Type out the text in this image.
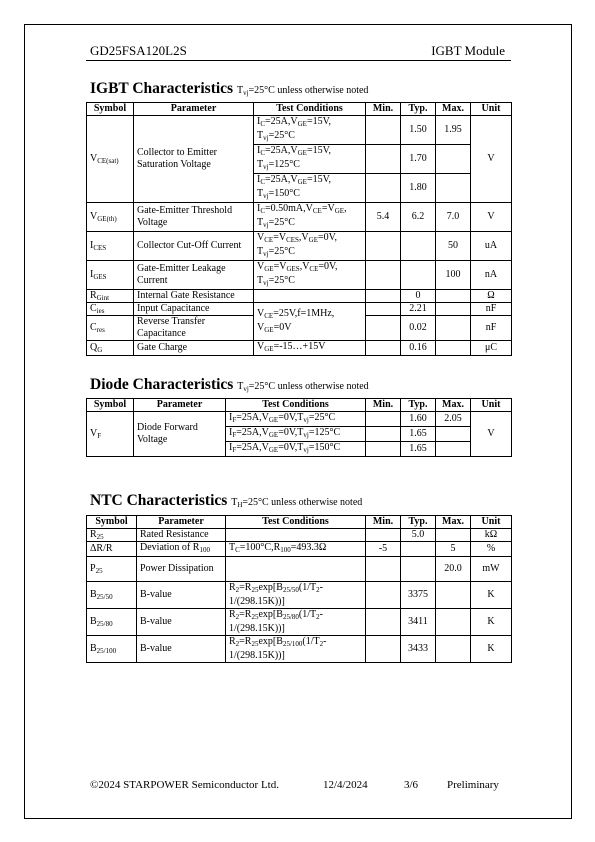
GD25FSA120L2S	IGBT Module
IGBT Characteristics $T_{vj}=25^\circ C$ unless otherwise noted
Symbol	Parameter	Test Conditions	Min.	Typ.	Max.	Unit
$V_{CE(sat)}$	Collector to Emitter Saturation Voltage	$I_C=25A,V_{GE}=15V$, $T_{vj}=25^\circ C$		1.50	1.95	V
		$I_C=25A,V_{GE}=15V$, $T_{vj}=125^\circ C$		1.70		
		$I_C=25A,V_{GE}=15V$, $T_{vj}=150^\circ C$		1.80		
$V_{GE(th)}$	Gate-Emitter Threshold Voltage	$I_C=0.50mA,V_{CE}=V_{GE}$, $T_{vj}=25^\circ C$	5.4	6.2	7.0	V
$I_{CES}$	Collector Cut-Off Current	$V_{CE}=V_{CES},V_{GE}=0V$, $T_{vj}=25^\circ C$			50	uA
$I_{GES}$	Gate-Emitter Leakage Current	$V_{GE}=V_{GES},V_{CE}=0V$, $T_{vj}=25^\circ C$			100	nA
$R_{Gint}$	Internal Gate Resistance			0		Ω
$C_{ies}$	Input Capacitance	$V_{CE}=25V,f=1MHz$, $V_{GE}=0V$		2.21		nF
$C_{res}$	Reverse Transfer Capacitance			0.02		nF
$Q_G$	Gate Charge	$V_{GE}=-15\dots+15V$		0.16		μC
Diode Characteristics $T_{vj}=25^\circ C$ unless otherwise noted
Symbol	Parameter	Test Conditions	Min.	Typ.	Max.	Unit
$V_F$	Diode Forward Voltage	$I_F=25A,V_{GE}=0V,T_{vj}=25^\circ C$		1.60	2.05	V
		$I_F=25A,V_{GE}=0V,T_{vj}=125^\circ C$		1.65		
		$I_F=25A,V_{GE}=0V,T_{vj}=150^\circ C$		1.65		
NTC Characteristics $T_H=25^\circ C$ unless otherwise noted
Symbol	Parameter	Test Conditions	Min.	Typ.	Max.	Unit
$R_{25}$	Rated Resistance			5.0		kΩ
ΔR/R	Deviation of $R_{100}$	$T_C=100^\circ C,R_{100}=493.3\Omega$	-5		5	%
$P_{25}$	Power Dissipation				20.0	mW
$B_{25/50}$	B-value	$R_2=R_{25}\exp[B_{25/50}(1/T_2-$ 1/(298.15K))]		3375		K
$B_{25/80}$	B-value	$R_2=R_{25}\exp[B_{25/80}(1/T_2-$ 1/(298.15K))]		3411		K
$B_{25/100}$	B-value	$R_2=R_{25}\exp[B_{25/100}(1/T_2-$ 1/(298.15K))]		3433		K
©2024 STARPOWER Semiconductor Ltd.	12/4/2024	3/6	Preliminary
